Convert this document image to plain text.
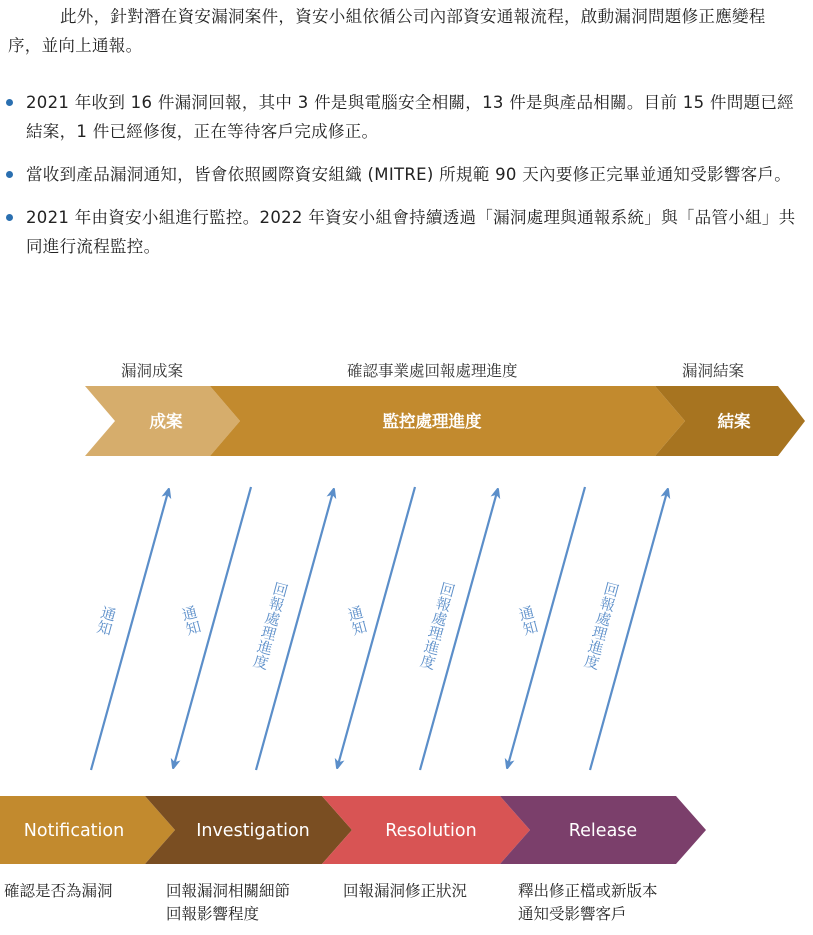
此外，針對潛在資安漏洞案件，資安小組依循公司內部資安通報流程，啟動漏洞問題修正應變程序，並向上通報。

2021 年收到 16 件漏洞回報，其中 3 件是與電腦安全相關，13 件是與產品相關。目前 15 件問題已經結案，1 件已經修復，正在等待客戶完成修正。
當收到產品漏洞通知，皆會依照國際資安組織 (MITRE) 所規範 90 天內要修正完畢並通知受影響客戶。
2021 年由資安小組進行監控。2022 年資安小組會持續透過「漏洞處理與通報系統」與「品管小組」共同進行流程監控。
漏洞成案	確認事業處回報處理進度	漏洞結案
成案	監控處理進度	結案
通知	通知	回報處理進度	通知	回報處理進度	通知	回報處理進度
Notification	Investigation	Resolution	Release
確認是否為漏洞	回報漏洞相關細節
回報影響程度
回報漏洞修正狀況	釋出修正檔或新版本
通知受影響客戶
